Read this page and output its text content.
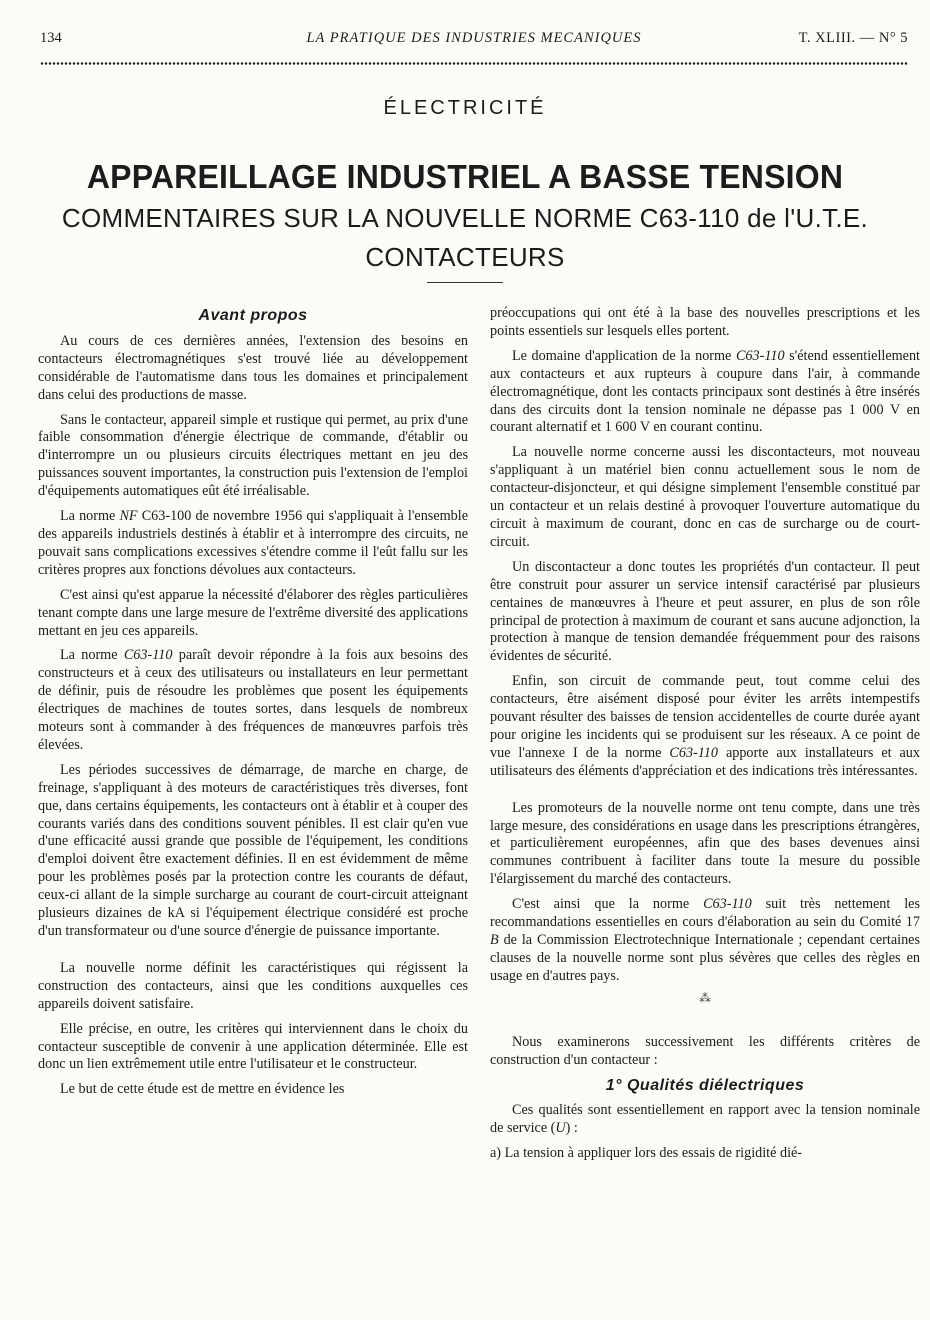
134	LA PRATIQUE DES INDUSTRIES MECANIQUES	T. XLIII. — N° 5
ÉLECTRICITÉ
APPAREILLAGE INDUSTRIEL A BASSE TENSION
COMMENTAIRES SUR LA NOUVELLE NORME C63-110 de l'U.T.E.
CONTACTEURS
Avant propos

Au cours de ces dernières années, l'extension des besoins en contacteurs électromagnétiques s'est trouvé liée au développement considérable de l'automatisme dans tous les domaines et principalement dans celui des productions de masse.

Sans le contacteur, appareil simple et rustique qui permet, au prix d'une faible consommation d'énergie électrique de commande, d'établir ou d'interrompre un ou plusieurs circuits électriques mettant en jeu des puissances souvent importantes, la construction puis l'extension de l'emploi d'équipements automatiques eût été irréalisable.

La norme NF C63-100 de novembre 1956 qui s'appliquait à l'ensemble des appareils industriels destinés à établir et à interrompre des circuits, ne pouvait sans complications excessives s'étendre comme il l'eût fallu sur les critères propres aux fonctions dévolues aux contacteurs.

C'est ainsi qu'est apparue la nécessité d'élaborer des règles particulières tenant compte dans une large mesure de l'extrême diversité des applications mettant en jeu ces appareils.

La norme C63-110 paraît devoir répondre à la fois aux besoins des constructeurs et à ceux des utilisateurs ou installateurs en leur permettant de définir, puis de résoudre les problèmes que posent les équipements électriques de machines de toutes sortes, dans lesquels de nombreux moteurs sont à commander à des fréquences de manœuvres parfois très élevées.

Les périodes successives de démarrage, de marche en charge, de freinage, s'appliquant à des moteurs de caractéristiques très diverses, font que, dans certains équipements, les contacteurs ont à établir et à couper des courants variés dans des conditions souvent pénibles. Il est clair qu'en vue d'une efficacité aussi grande que possible de l'équipement, les conditions d'emploi doivent être exactement définies. Il en est évidemment de même pour les problèmes posés par la protection contre les courants de défaut, ceux-ci allant de la simple surcharge au courant de court-circuit atteignant plusieurs dizaines de kA si l'équipement électrique considéré est proche d'un transformateur ou d'une source d'énergie de puissance importante.

La nouvelle norme définit les caractéristiques qui régissent la construction des contacteurs, ainsi que les conditions auxquelles ces appareils doivent satisfaire.

Elle précise, en outre, les critères qui interviennent dans le choix du contacteur susceptible de convenir à une application déterminée. Elle est donc un lien extrêmement utile entre l'utilisateur et le constructeur.

Le but de cette étude est de mettre en évidence les

préoccupations qui ont été à la base des nouvelles prescriptions et les points essentiels sur lesquels elles portent.

Le domaine d'application de la norme C63-110 s'étend essentiellement aux contacteurs et aux rupteurs à coupure dans l'air, à commande électromagnétique, dont les contacts principaux sont destinés à être insérés dans des circuits dont la tension nominale ne dépasse pas 1 000 V en courant alternatif et 1 600 V en courant continu.

La nouvelle norme concerne aussi les discontacteurs, mot nouveau s'appliquant à un matériel bien connu actuellement sous le nom de contacteur-disjoncteur, et qui désigne simplement l'ensemble constitué par un contacteur et un relais destiné à provoquer l'ouverture automatique du circuit à maximum de courant, donc en cas de surcharge ou de court-circuit.

Un discontacteur a donc toutes les propriétés d'un contacteur. Il peut être construit pour assurer un service intensif caractérisé par plusieurs centaines de manœuvres à l'heure et peut assurer, en plus de son rôle principal de protection à maximum de courant et sans aucune adjonction, la protection à manque de tension demandée fréquemment pour des raisons évidentes de sécurité.

Enfin, son circuit de commande peut, tout comme celui des contacteurs, être aisément disposé pour éviter les arrêts intempestifs pouvant résulter des baisses de tension accidentelles de courte durée ayant pour origine les incidents qui se produisent sur les réseaux. A ce point de vue l'annexe I de la norme C63-110 apporte aux installateurs et aux utilisateurs des éléments d'appréciation et des indications très intéressantes.

Les promoteurs de la nouvelle norme ont tenu compte, dans une très large mesure, des considérations en usage dans les prescriptions étrangères, et particulièrement européennes, afin que des bases devenues ainsi communes contribuent à faciliter dans toute la mesure du possible l'élargissement du marché des contacteurs.

C'est ainsi que la norme C63-110 suit très nettement les recommandations essentielles en cours d'élaboration au sein du Comité 17 B de la Commission Electrotechnique Internationale ; cependant certaines clauses de la nouvelle norme sont plus sévères que celles des règles en usage en d'autres pays.

⁂

Nous examinerons successivement les différents critères de construction d'un contacteur :

1° Qualités diélectriques

Ces qualités sont essentiellement en rapport avec la tension nominale de service (U) :

a) La tension à appliquer lors des essais de rigidité dié-
